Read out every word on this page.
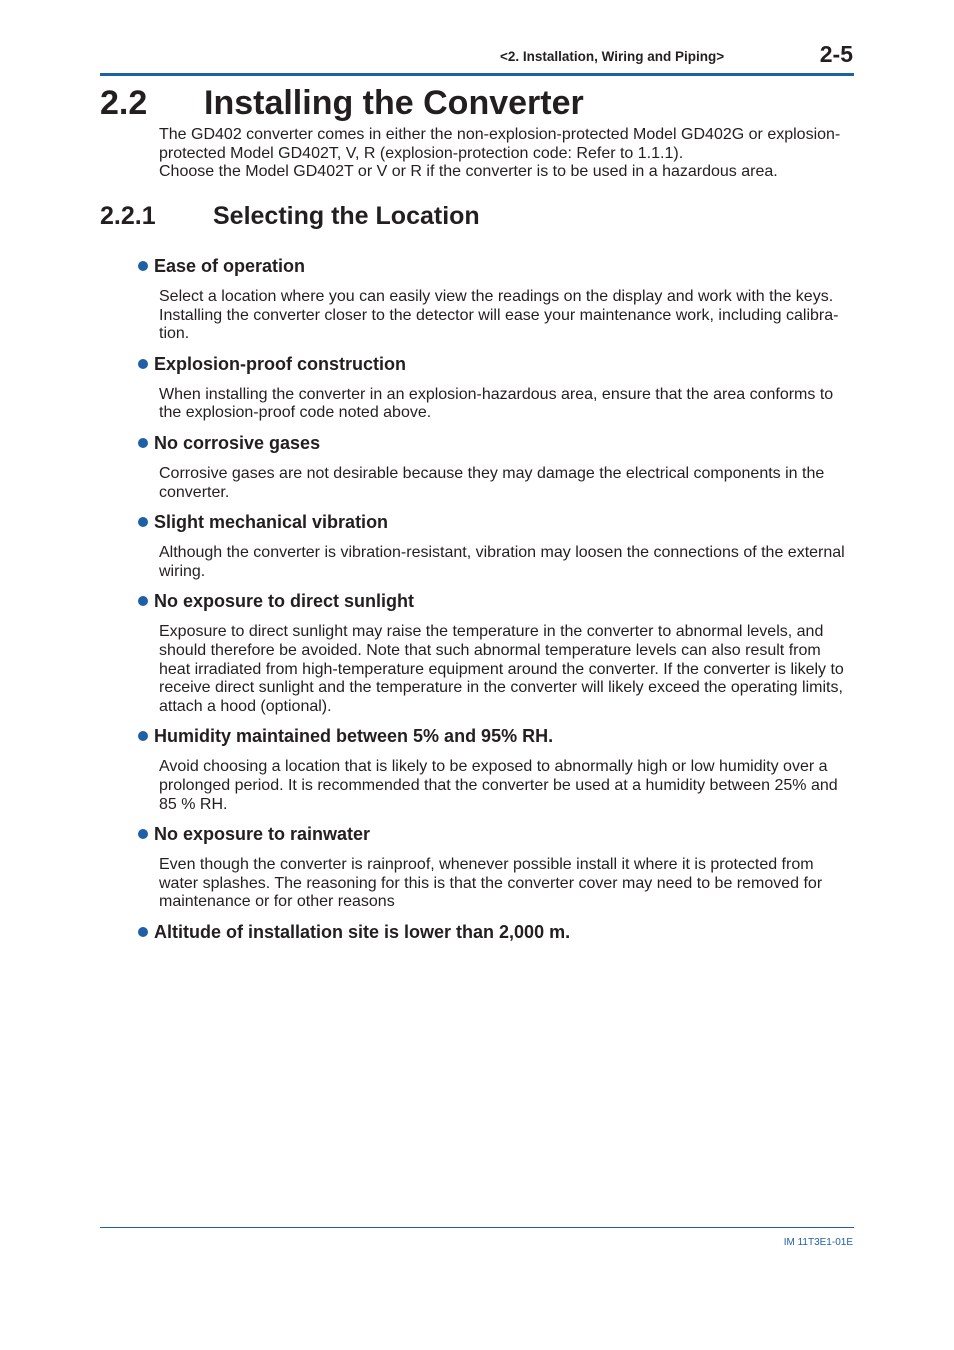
<2. Installation, Wiring and Piping>	2-5
2.2 Installing the Converter

The GD402 converter comes in either the non-explosion-protected Model GD402G or explosion-protected Model GD402T, V, R (explosion-protection code: Refer to 1.1.1).

Choose the Model GD402T or V or R if the converter is to be used in a hazardous area.

2.2.1 Selecting the Location
Ease of operation
Select a location where you can easily view the readings on the display and work with the keys. Installing the converter closer to the detector will ease your maintenance work, including calibra-tion.
Explosion-proof construction
When installing the converter in an explosion-hazardous area, ensure that the area conforms to the explosion-proof code noted above.
No corrosive gases
Corrosive gases are not desirable because they may damage the electrical components in the converter.
Slight mechanical vibration
Although the converter is vibration-resistant, vibration may loosen the connections of the external wiring.
No exposure to direct sunlight
Exposure to direct sunlight may raise the temperature in the converter to abnormal levels, and should therefore be avoided. Note that such abnormal temperature levels can also result from heat irradiated from high-temperature equipment around the converter. If the converter is likely to receive direct sunlight and the temperature in the converter will likely exceed the operating limits, attach a hood (optional).
Humidity maintained between 5% and 95% RH.
Avoid choosing a location that is likely to be exposed to abnormally high or low humidity over a prolonged period. It is recommended that the converter be used at a humidity between 25% and 85 % RH.
No exposure to rainwater
Even though the converter is rainproof, whenever possible install it where it is protected from water splashes. The reasoning for this is that the converter cover may need to be removed for maintenance or for other reasons
Altitude of installation site is lower than 2,000 m.
IM 11T3E1-01E
